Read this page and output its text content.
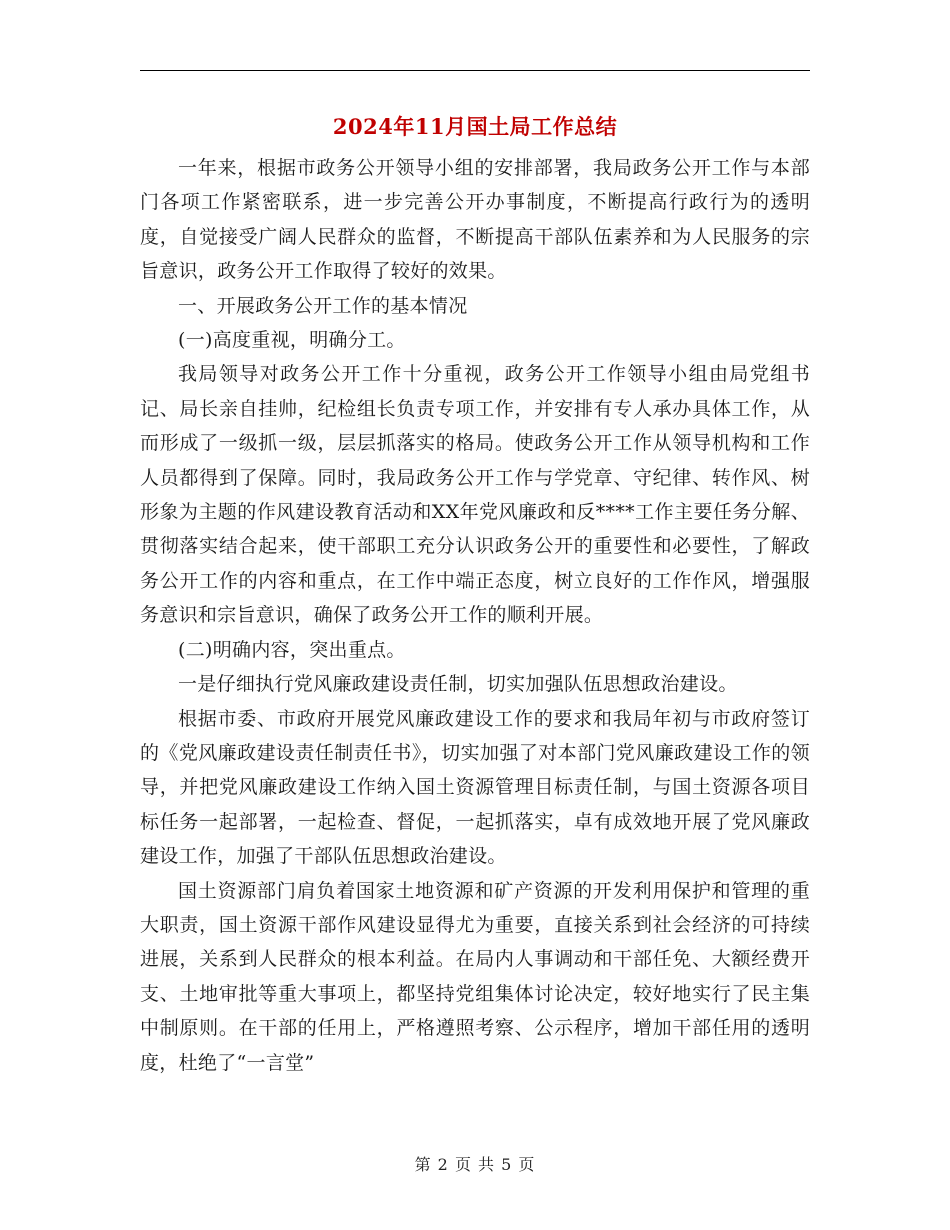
2024年11月国土局工作总结

一年来，根据市政务公开领导小组的安排部署，我局政务公开工作与本部门各项工作紧密联系，进一步完善公开办事制度，不断提高行政行为的透明度，自觉接受广阔人民群众的监督，不断提高干部队伍素养和为人民服务的宗旨意识，政务公开工作取得了较好的效果。

一、开展政务公开工作的基本情况

(一)高度重视，明确分工。

我局领导对政务公开工作十分重视，政务公开工作领导小组由局党组书记、局长亲自挂帅，纪检组长负责专项工作，并安排有专人承办具体工作，从而形成了一级抓一级，层层抓落实的格局。使政务公开工作从领导机构和工作人员都得到了保障。同时，我局政务公开工作与学党章、守纪律、转作风、树形象为主题的作风建设教育活动和XX年党风廉政和反****工作主要任务分解、贯彻落实结合起来，使干部职工充分认识政务公开的重要性和必要性，了解政务公开工作的内容和重点，在工作中端正态度，树立良好的工作作风，增强服务意识和宗旨意识，确保了政务公开工作的顺利开展。

(二)明确内容，突出重点。

一是仔细执行党风廉政建设责任制，切实加强队伍思想政治建设。

根据市委、市政府开展党风廉政建设工作的要求和我局年初与市政府签订的《党风廉政建设责任制责任书》，切实加强了对本部门党风廉政建设工作的领导，并把党风廉政建设工作纳入国土资源管理目标责任制，与国土资源各项目标任务一起部署，一起检查、督促，一起抓落实，卓有成效地开展了党风廉政建设工作，加强了干部队伍思想政治建设。

国土资源部门肩负着国家土地资源和矿产资源的开发利用保护和管理的重大职责，国土资源干部作风建设显得尤为重要，直接关系到社会经济的可持续进展，关系到人民群众的根本利益。在局内人事调动和干部任免、大额经费开支、土地审批等重大事项上，都坚持党组集体讨论决定，较好地实行了民主集中制原则。在干部的任用上，严格遵照考察、公示程序，增加干部任用的透明度，杜绝了“一言堂”

第 2 页 共 5 页
